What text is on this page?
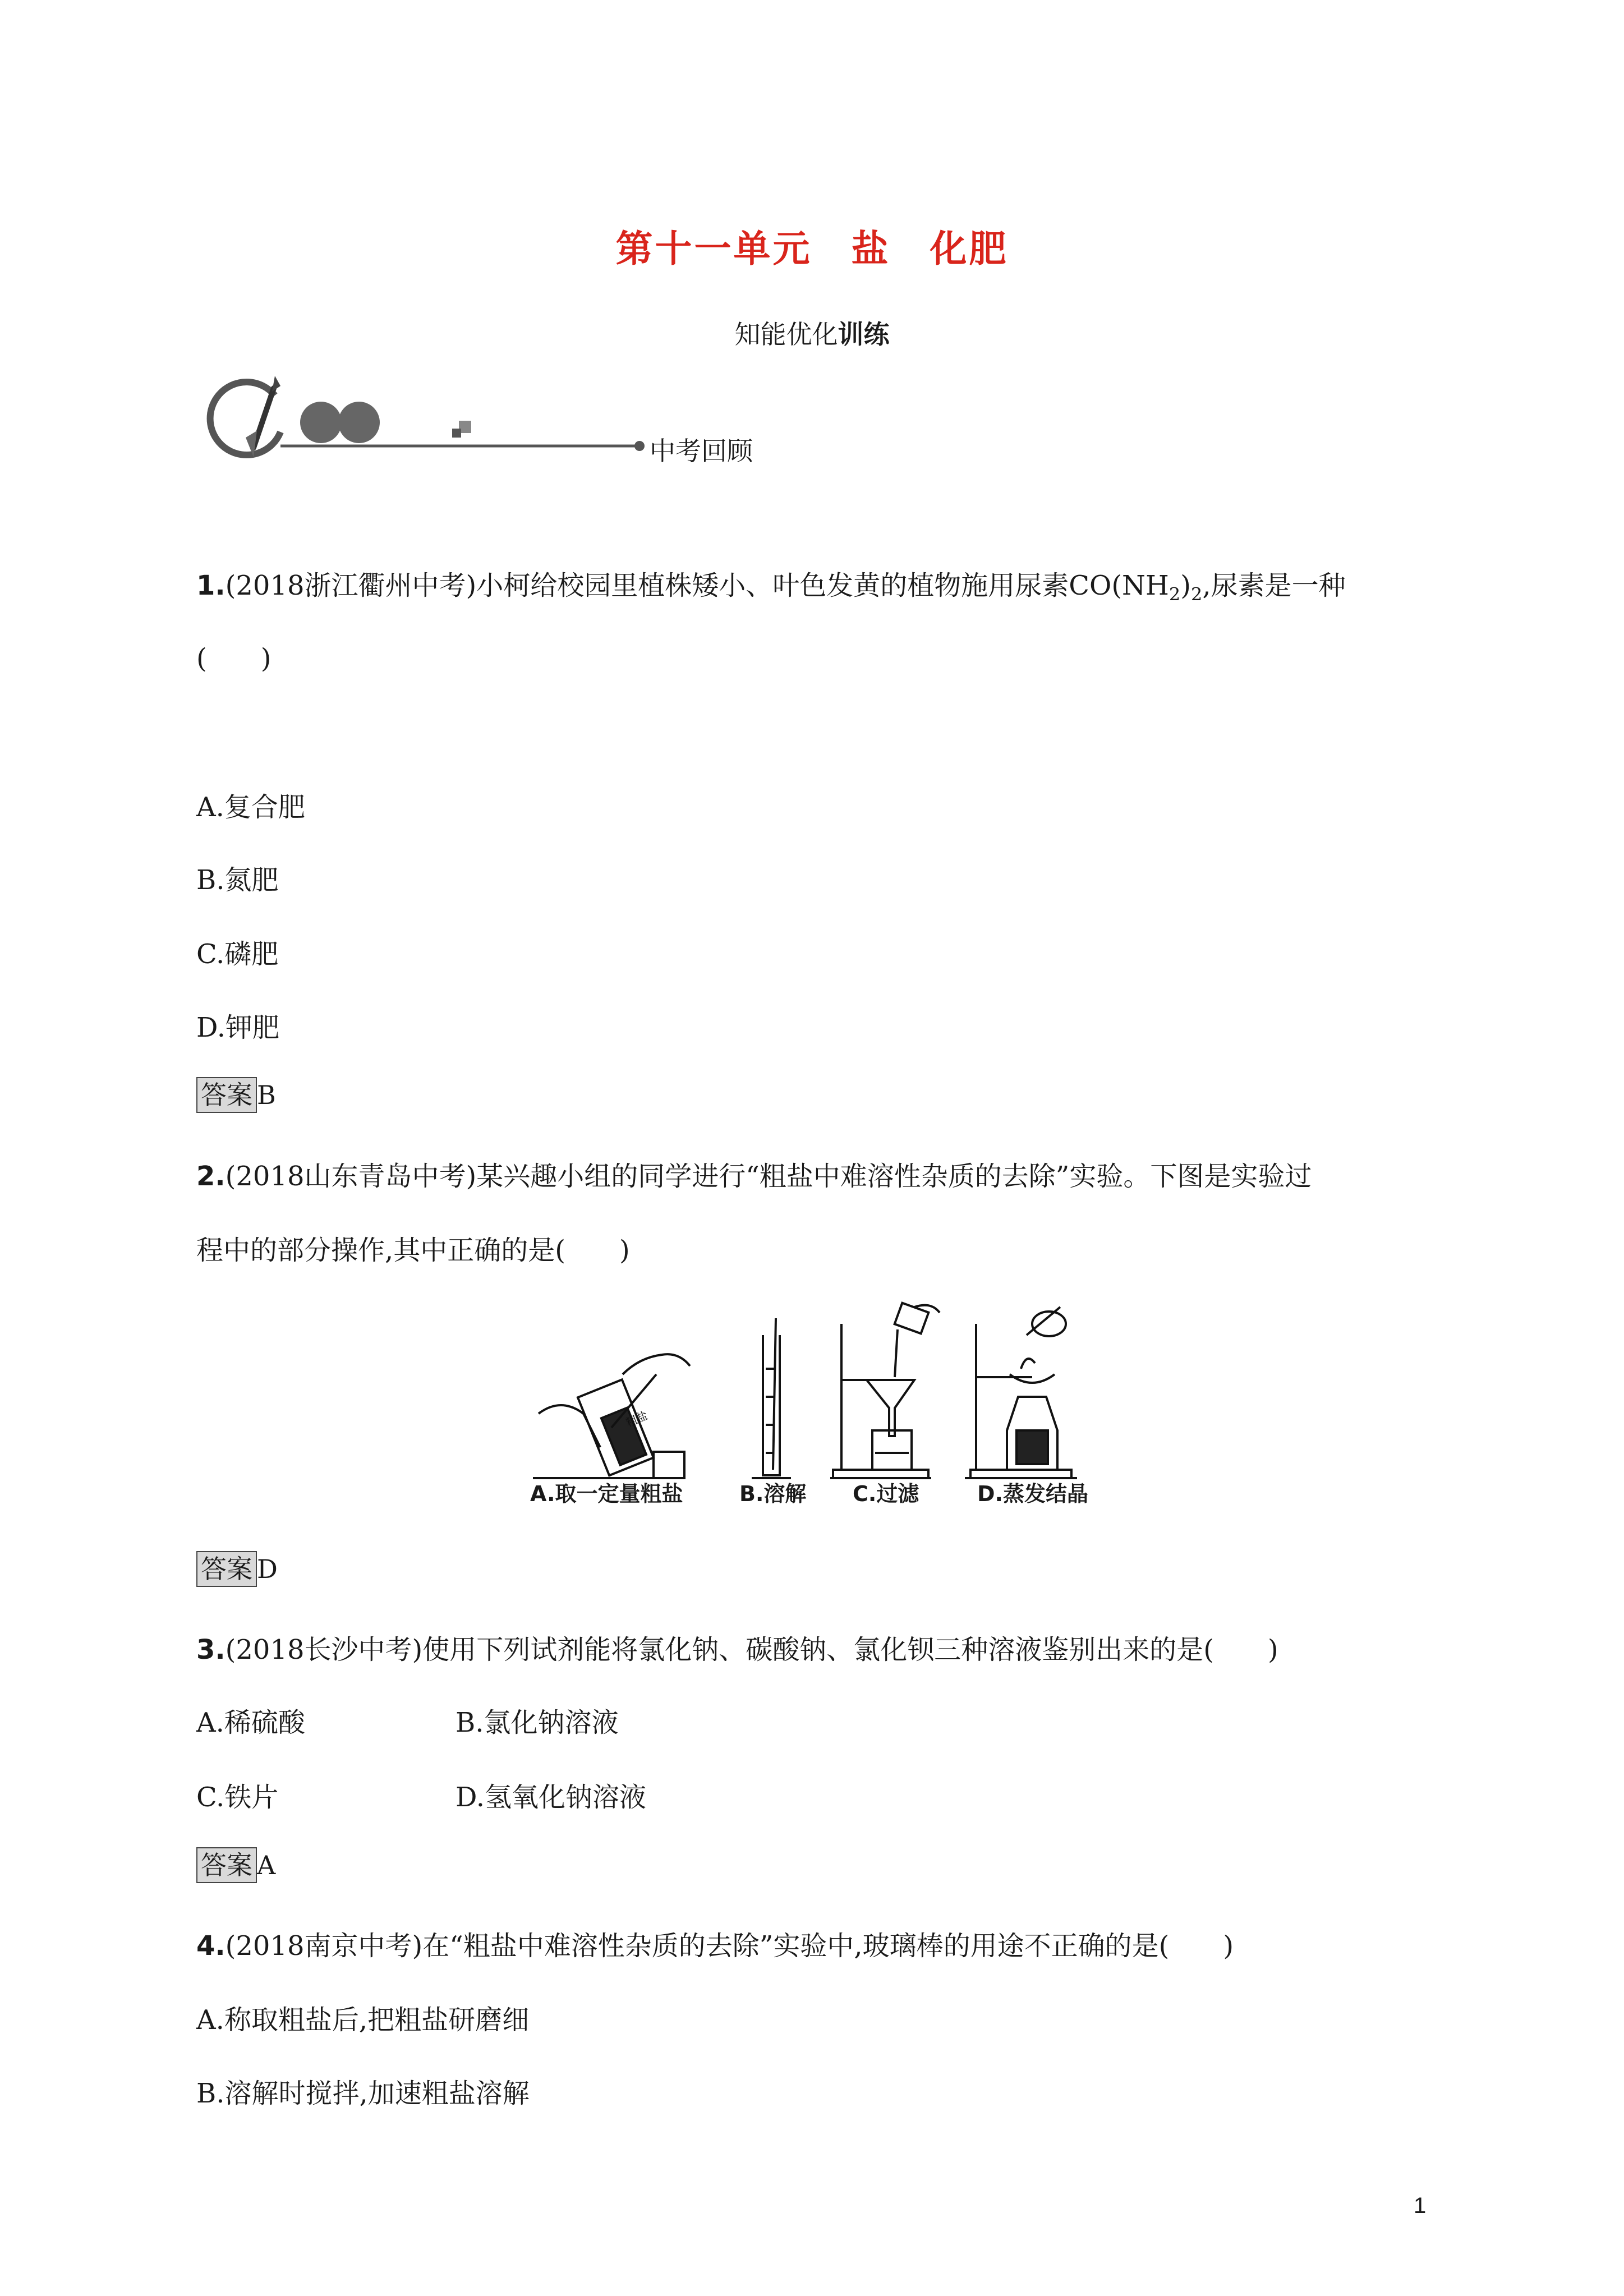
第十一单元　盐　化肥
知能优化训练
中考回顾
1.(2018浙江衢州中考)小柯给校园里植株矮小、叶色发黄的植物施用尿素$CO(NH_2)_2$,尿素是一种
(　　)
A.复合肥
B.氮肥
C.磷肥
D.钾肥
答案 B
2.(2018山东青岛中考)某兴趣小组的同学进行“粗盐中难溶性杂质的去除”实验。下图是实验过
程中的部分操作,其中正确的是(　　)
粗盐
A.取一定量粗盐	B.溶解 C.过滤	D.蒸发结晶
答案 D
3.(2018长沙中考)使用下列试剂能将氯化钠、碳酸钠、氯化钡三种溶液鉴别出来的是(　　)
A.稀硫酸	B.氯化钠溶液
C.铁片	D.氢氧化钠溶液
答案 A
4.(2018南京中考)在“粗盐中难溶性杂质的去除”实验中,玻璃棒的用途不正确的是(　　)
A.称取粗盐后,把粗盐研磨细
B.溶解时搅拌,加速粗盐溶解
1
